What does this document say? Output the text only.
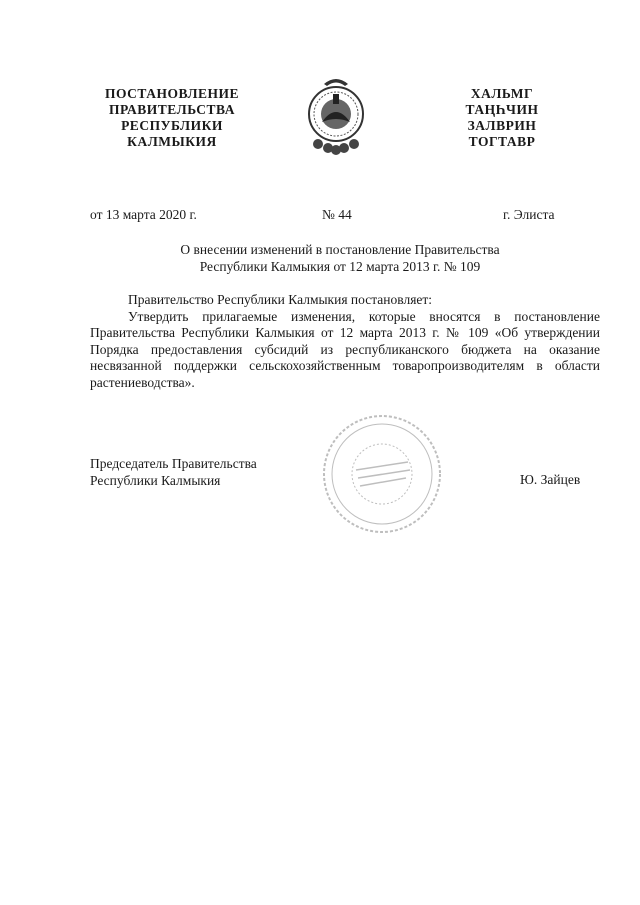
ПОСТАНОВЛЕНИЕ
ПРАВИТЕЛЬСТВА
РЕСПУБЛИКИ
КАЛМЫКИЯ
ХАЛЬМГ
ТАҢҺЧИН
ЗАЛВРИН
ТОГТАВР
от 13 марта 2020 г.	№ 44	г. Элиста
О внесении изменений в постановление Правительства
Республики Калмыкия от 12 марта 2013 г. № 109
Правительство Республики Калмыкия постановляет:
Утвердить прилагаемые изменения, которые вносятся в постановление Правительства Республики Калмыкия от 12 марта 2013 г. № 109 «Об утверждении Порядка предоставления субсидий из республиканского бюджета на оказание несвязанной поддержки сельскохозяйственным товаропроизводителям в области растениеводства».
Председатель Правительства
Республики Калмыкия	Ю. Зайцев
